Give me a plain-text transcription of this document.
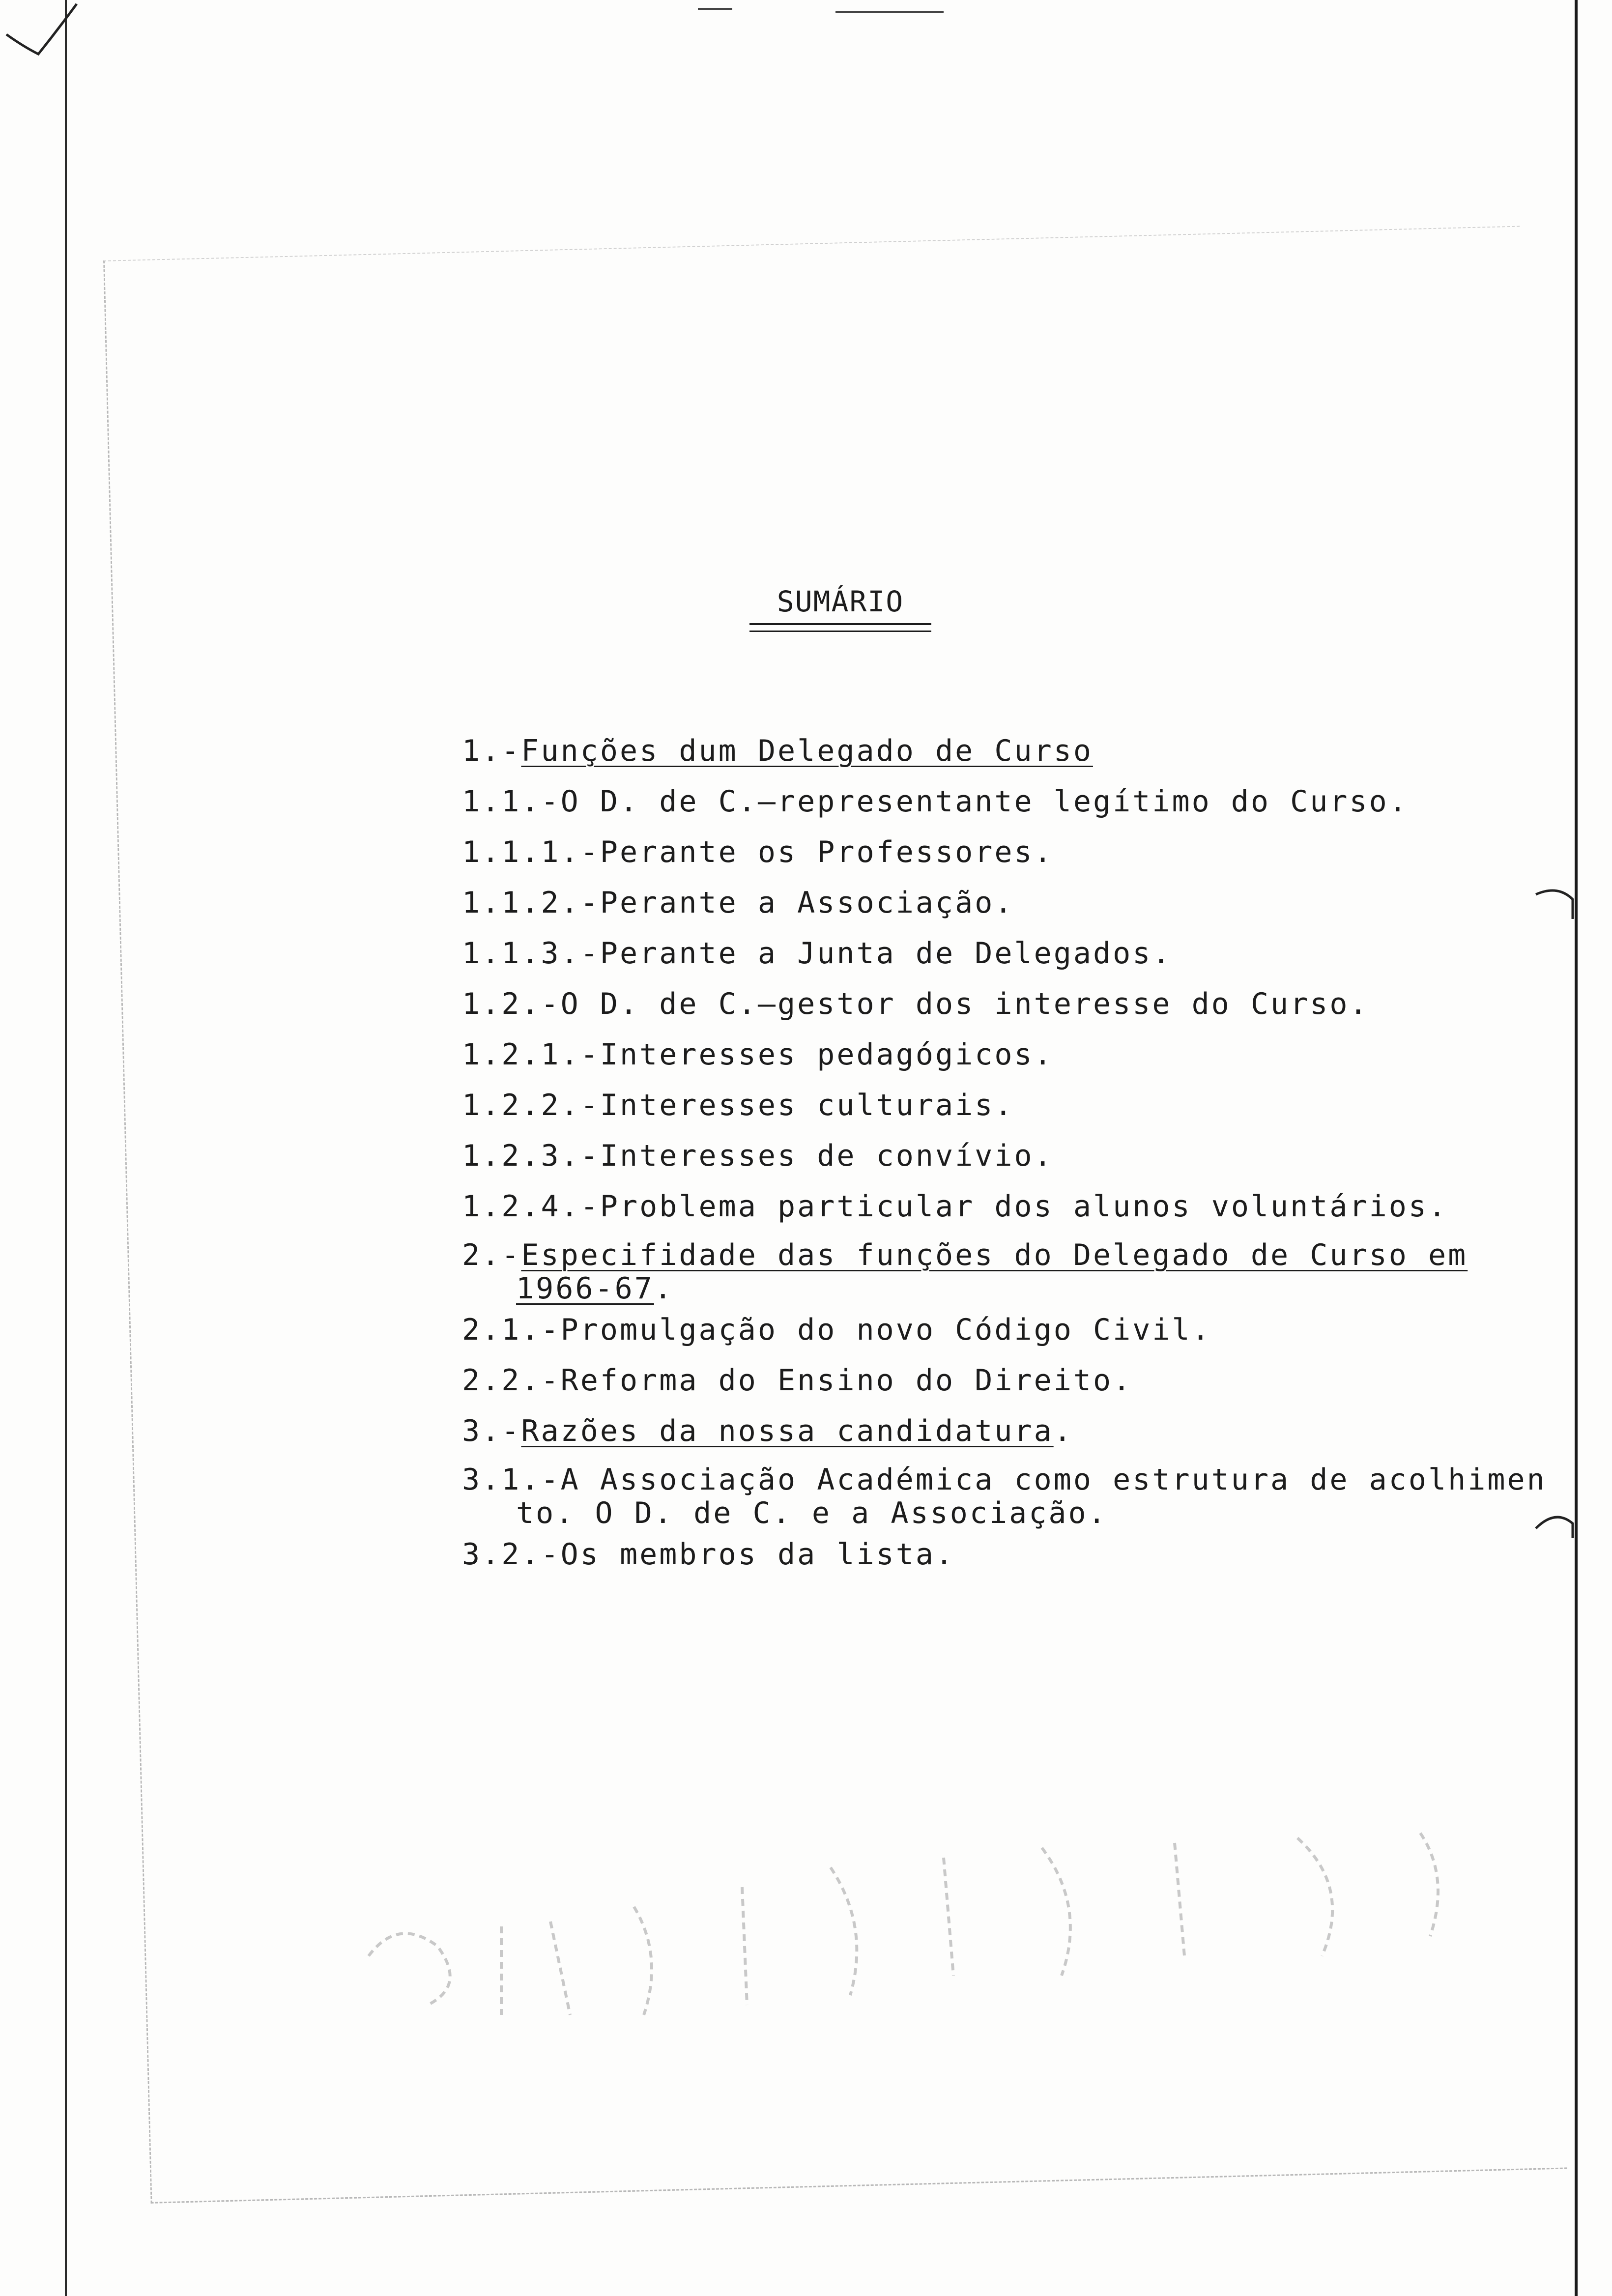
SUMÁRIO
1.-Funções dum Delegado de Curso
1.1.-O D. de C.—representante legítimo do Curso.
1.1.1.-Perante os Professores.
1.1.2.-Perante a Associação.
1.1.3.-Perante a Junta de Delegados.
1.2.-O D. de C.—gestor dos interesse do Curso.
1.2.1.-Interesses pedagógicos.
1.2.2.-Interesses culturais.
1.2.3.-Interesses de convívio.
1.2.4.-Problema particular dos alunos voluntários.
2.-Especifidade das funções do Delegado de Curso em
1966-67.
2.1.-Promulgação do novo Código Civil.
2.2.-Reforma do Ensino do Direito.
3.-Razões da nossa candidatura.
3.1.-A Associação Académica como estrutura de acolhimen
to. O D. de C. e a Associação.
3.2.-Os membros da lista.
